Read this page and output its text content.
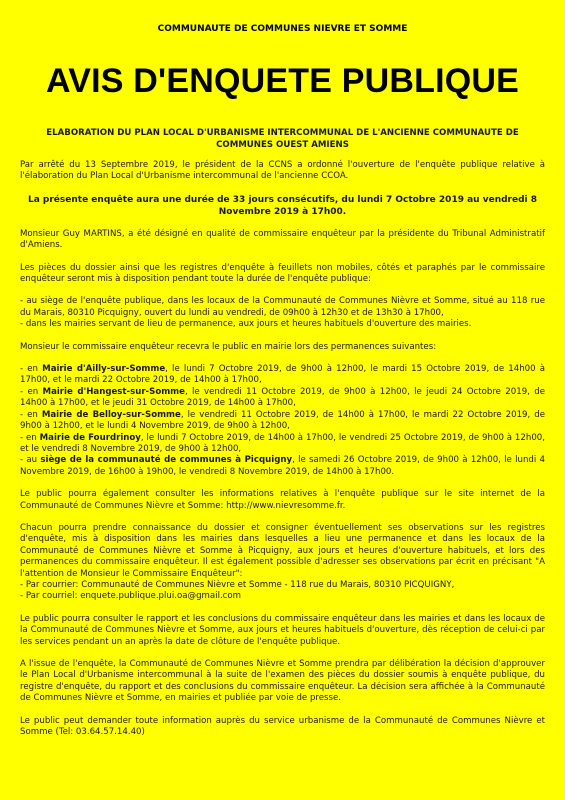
COMMUNAUTE DE COMMUNES NIEVRE ET SOMME
AVIS D'ENQUETE PUBLIQUE
ELABORATION DU PLAN LOCAL D'URBANISME INTERCOMMUNAL DE L'ANCIENNE COMMUNAUTE DE COMMUNES OUEST AMIENS

Par arrêté du 13 Septembre 2019, le président de la CCNS a ordonné l'ouverture de l'enquête publique relative à l'élaboration du Plan Local d'Urbanisme intercommunal de l'ancienne CCOA.

La présente enquête aura une durée de 33 jours consécutifs, du lundi 7 Octobre 2019 au vendredi 8 Novembre 2019 à 17h00.

Monsieur Guy MARTINS, a été désigné en qualité de commissaire enquêteur par la présidente du Tribunal Administratif d'Amiens.

Les pièces du dossier ainsi que les registres d'enquête à feuillets non mobiles, côtés et paraphés par le commissaire enquêteur seront mis à disposition pendant toute la durée de l'enquête publique:

- au siège de l'enquête publique, dans les locaux de la Communauté de Communes Nièvre et Somme, situé au 118 rue du Marais, 80310 Picquigny, ouvert du lundi au vendredi, de 09h00 à 12h30 et de 13h30 à 17h00,
- dans les mairies servant de lieu de permanence, aux jours et heures habituels d'ouverture des mairies.

Monsieur le commissaire enquêteur recevra le public en mairie lors des permanences suivantes:

- en Mairie d'Ailly-sur-Somme, le lundi 7 Octobre 2019, de 9h00 à 12h00, le mardi 15 Octobre 2019, de 14h00 à 17h00, et le mardi 22 Octobre 2019, de 14h00 à 17h00,
- en Mairie d'Hangest-sur-Somme, le vendredi 11 Octobre 2019, de 9h00 à 12h00, le jeudi 24 Octobre 2019, de 14h00 à 17h00, et le jeudi 31 Octobre 2019, de 14h00 à 17h00,
- en Mairie de Belloy-sur-Somme, le vendredi 11 Octobre 2019, de 14h00 à 17h00, le mardi 22 Octobre 2019, de 9h00 à 12h00, et le lundi 4 Novembre 2019, de 9h00 à 12h00,
- en Mairie de Fourdrinoy, le lundi 7 Octobre 2019, de 14h00 à 17h00, le vendredi 25 Octobre 2019, de 9h00 à 12h00, et le vendredi 8 Novembre 2019, de 9h00 à 12h00,
- au siège de la communauté de communes à Picquigny, le samedi 26 Octobre 2019, de 9h00 à 12h00, le lundi 4 Novembre 2019, de 16h00 à 19h00, le vendredi 8 Novembre 2019, de 14h00 à 17h00.

Le public pourra également consulter les informations relatives à l'enquête publique sur le site internet de la Communauté de Communes Nièvre et Somme: http://www.nievresomme.fr.

Chacun pourra prendre connaissance du dossier et consigner éventuellement ses observations sur les registres d'enquête, mis à disposition dans les mairies dans lesquelles a lieu une permanence et dans les locaux de la Communauté de Communes Nièvre et Somme à Picquigny, aux jours et heures d'ouverture habituels, et lors des permanences du commissaire enquêteur. Il est également possible d'adresser ses observations par écrit en précisant "A l'attention de Monsieur le Commissaire Enquêteur":
- Par courrier: Communauté de Communes Nièvre et Somme - 118 rue du Marais, 80310 PICQUIGNY,
- Par courriel: enquete.publique.plui.oa@gmail.com

Le public pourra consulter le rapport et les conclusions du commissaire enquêteur dans les mairies et dans les locaux de la Communauté de Communes Nièvre et Somme, aux jours et heures habituels d'ouverture, dès réception de celui-ci par les services pendant un an après la date de clôture de l'enquête publique.

A l'issue de l'enquête, la Communauté de Communes Nièvre et Somme prendra par délibération la décision d'approuver le Plan Local d'Urbanisme intercommunal à la suite de l'examen des pièces du dossier soumis à enquête publique, du registre d'enquête, du rapport et des conclusions du commissaire enquêteur. La décision sera affichée à la Communauté de Communes Nièvre et Somme, en mairies et publiée par voie de presse.

Le public peut demander toute information auprès du service urbanisme de la Communauté de Communes Nièvre et Somme (Tel: 03.64.57.14.40)
